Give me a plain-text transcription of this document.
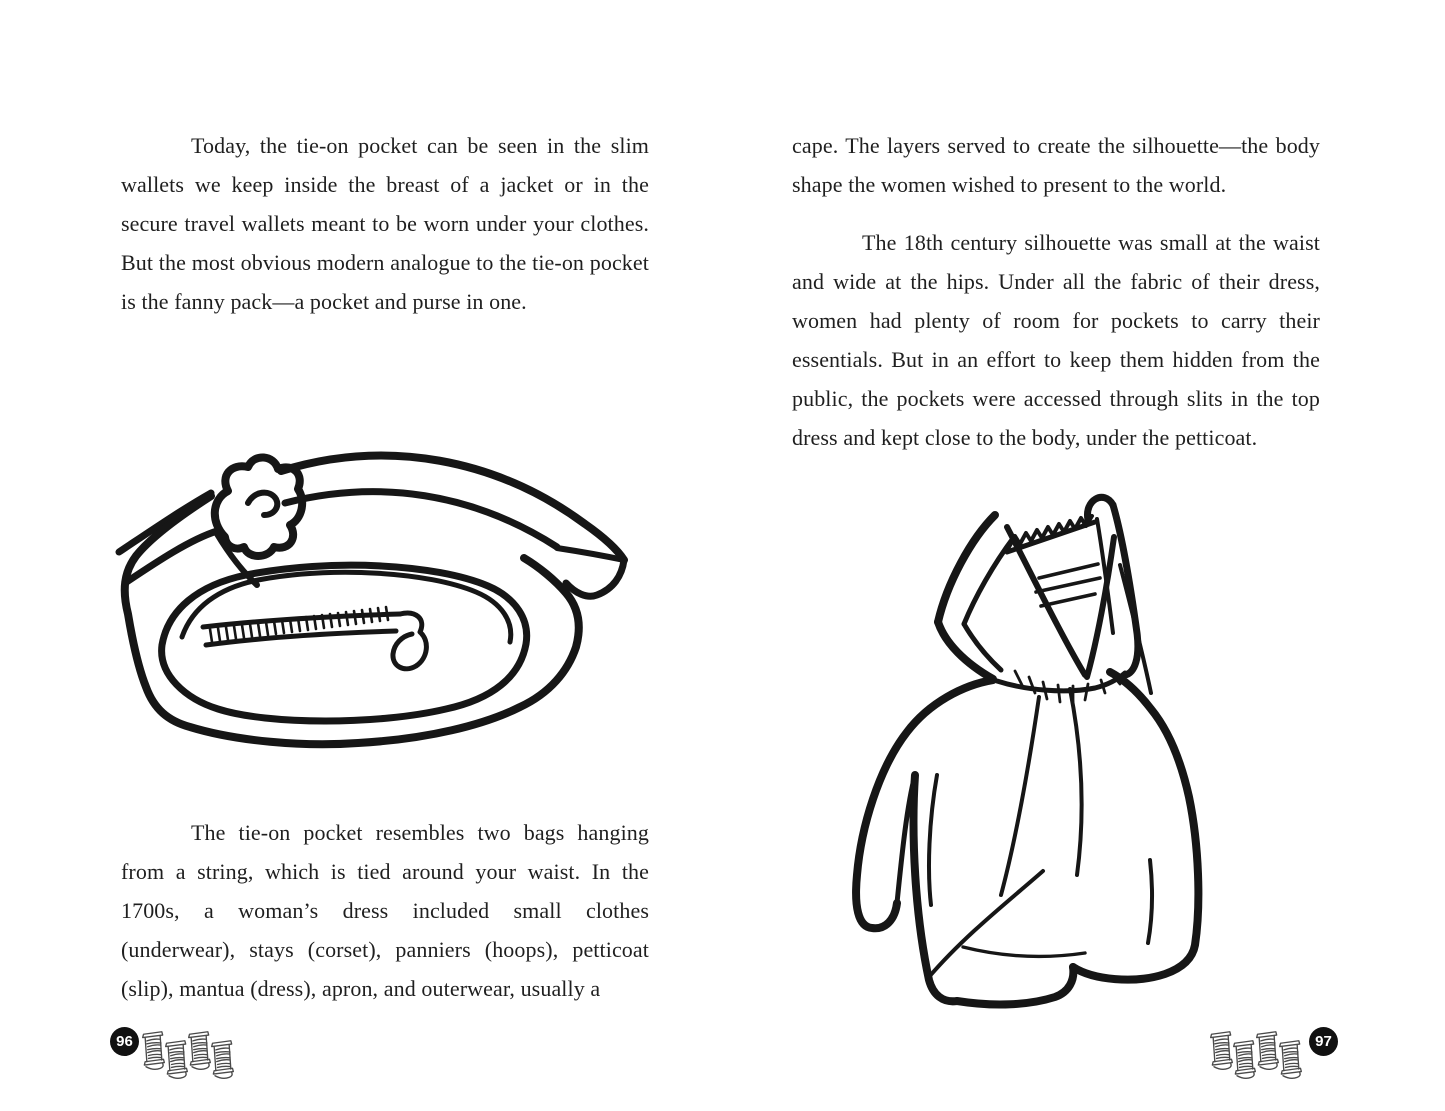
Today, the tie-on pocket can be seen in the slim wallets we keep inside the breast of a jacket or in the secure travel wallets meant to be worn under your clothes. But the most obvious modern analogue to the tie-on pocket is the fanny pack—a pocket and purse in one.

The tie-on pocket resembles two bags hanging from a string, which is tied around your waist. In the 1700s, a woman’s dress included small clothes (underwear), stays (corset), panniers (hoops), petticoat (slip), mantua (dress), apron, and outerwear, usually a

96

cape. The layers served to create the silhouette—the body shape the women wished to present to the world.

The 18th century silhouette was small at the waist and wide at the hips. Under all the fabric of their dress, women had plenty of room for pockets to carry their essentials. But in an effort to keep them hidden from the public, the pockets were accessed through slits in the top dress and kept close to the body, under the petticoat.

97
